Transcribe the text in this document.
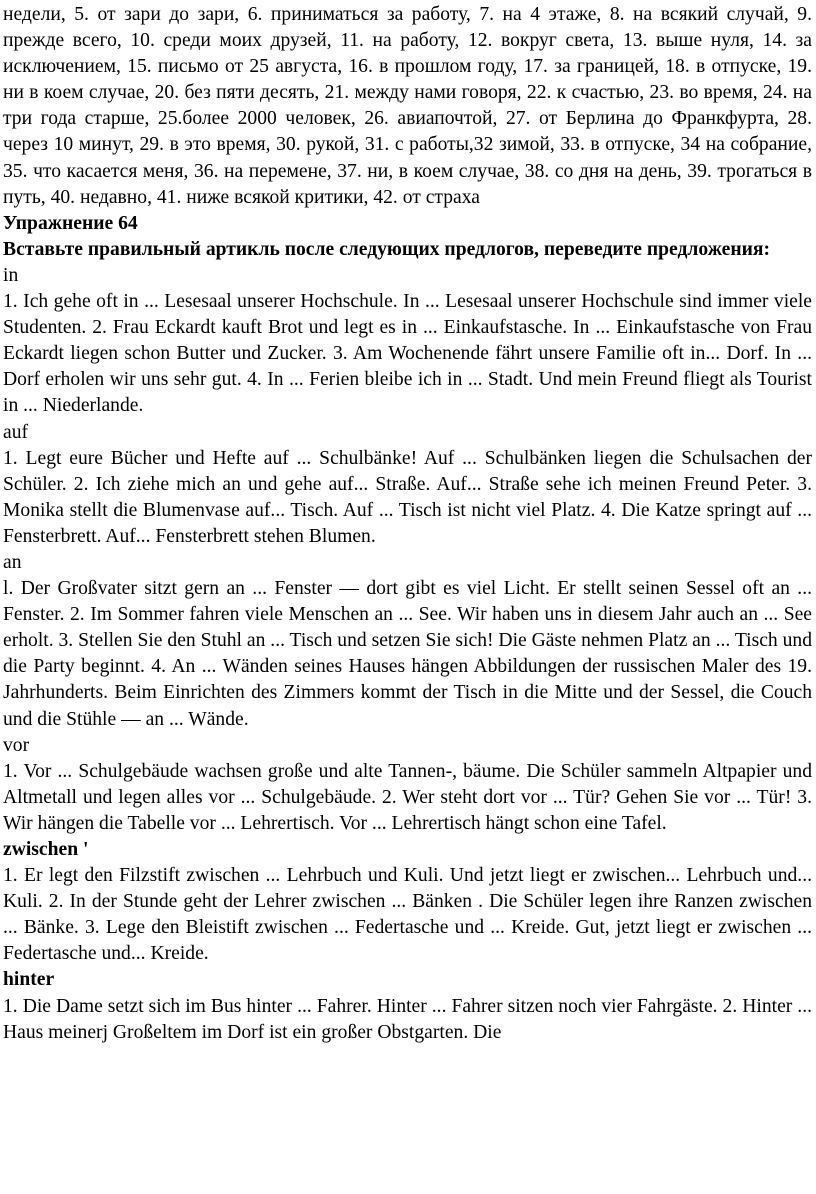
недели, 5. от зари до зари, 6. приниматься за работу, 7. на 4 этаже, 8. на всякий случай, 9. прежде всего, 10. среди моих друзей, 11. на работу, 12. вокруг света, 13. выше нуля, 14. за исключением, 15. письмо от 25 августа, 16. в прошлом году, 17. за границей, 18. в отпуске, 19. ни в коем случае, 20. без пяти десять, 21. между нами говоря, 22. к счастью, 23. во время, 24. на три года старше, 25.более 2000 человек, 26. авиапочтой, 27. от Берлина до Франкфурта, 28. через 10 минут, 29. в это время, 30. рукой, 31. с работы,32 зимой, 33. в отпуске, 34 на собрание, 35. что касается меня, 36. на перемене, 37. ни, в коем случае, 38. со дня на день, 39. трогаться в путь, 40. недавно, 41. ниже всякой критики, 42. от страха

Упражнение 64

Вставьте правильный артикль после следующих предлогов, переведите предложения:

in

1. Ich gehe oft in ... Lesesaal unserer Hochschule. In ... Lesesaal unserer Hochschule sind immer viele Studenten. 2. Frau Eckardt kauft Brot und legt es in ... Einkaufstasche. In ... Einkaufstasche von Frau Eckardt liegen schon Butter und Zucker. 3. Am Wochenende fährt unsere Familie oft in... Dorf. In ... Dorf erholen wir uns sehr gut. 4. In ... Ferien bleibe ich in ... Stadt. Und mein Freund fliegt als Tourist in ... Niederlande.

auf

1. Legt eure Bücher und Hefte auf ... Schulbänke! Auf ... Schulbänken liegen die Schulsachen der Schüler. 2. Ich ziehe mich an und gehe auf... Straße. Auf... Straße sehe ich meinen Freund Peter. 3. Monika stellt die Blumenvase auf... Tisch. Auf ... Tisch ist nicht viel Platz. 4. Die Katze springt auf ... Fensterbrett. Auf... Fensterbrett stehen Blumen.

an

l. Der Großvater sitzt gern an ... Fenster — dort gibt es viel Licht. Er stellt seinen Sessel oft an ... Fenster. 2. Im Sommer fahren viele Menschen an ... See. Wir haben uns in diesem Jahr auch an ... See erholt. 3. Stellen Sie den Stuhl an ... Tisch und setzen Sie sich! Die Gäste nehmen Platz an ... Tisch und die Party beginnt. 4. An ... Wänden seines Hauses hängen Abbildungen der russischen Maler des 19. Jahrhunderts. Beim Einrichten des Zimmers kommt der Tisch in die Mitte und der Sessel, die Couch und die Stühle — an ... Wände.

vor

1. Vor ... Schulgebäude wachsen große und alte Tannen-, bäume. Die Schüler sammeln Altpapier und Altmetall und legen alles vor ... Schulgebäude. 2. Wer steht dort vor ... Tür? Gehen Sie vor ... Tür! 3. Wir hängen die Tabelle vor ... Lehrertisch. Vor ... Lehrertisch hängt schon eine Tafel.

zwischen '

1. Er legt den Filzstift zwischen ... Lehrbuch und Kuli. Und jetzt liegt er zwischen... Lehrbuch und... Kuli. 2. In der Stunde geht der Lehrer zwischen ... Bänken . Die Schüler legen ihre Ranzen zwischen ... Bänke. 3. Lege den Bleistift zwischen ... Federtasche und ... Kreide. Gut, jetzt liegt er zwischen ... Federtasche und... Kreide.

hinter

1. Die Dame setzt sich im Bus hinter ... Fahrer. Hinter ... Fahrer sitzen noch vier Fahrgäste. 2. Hinter ... Haus meinerj Großeltem im Dorf ist ein großer Obstgarten. Die
